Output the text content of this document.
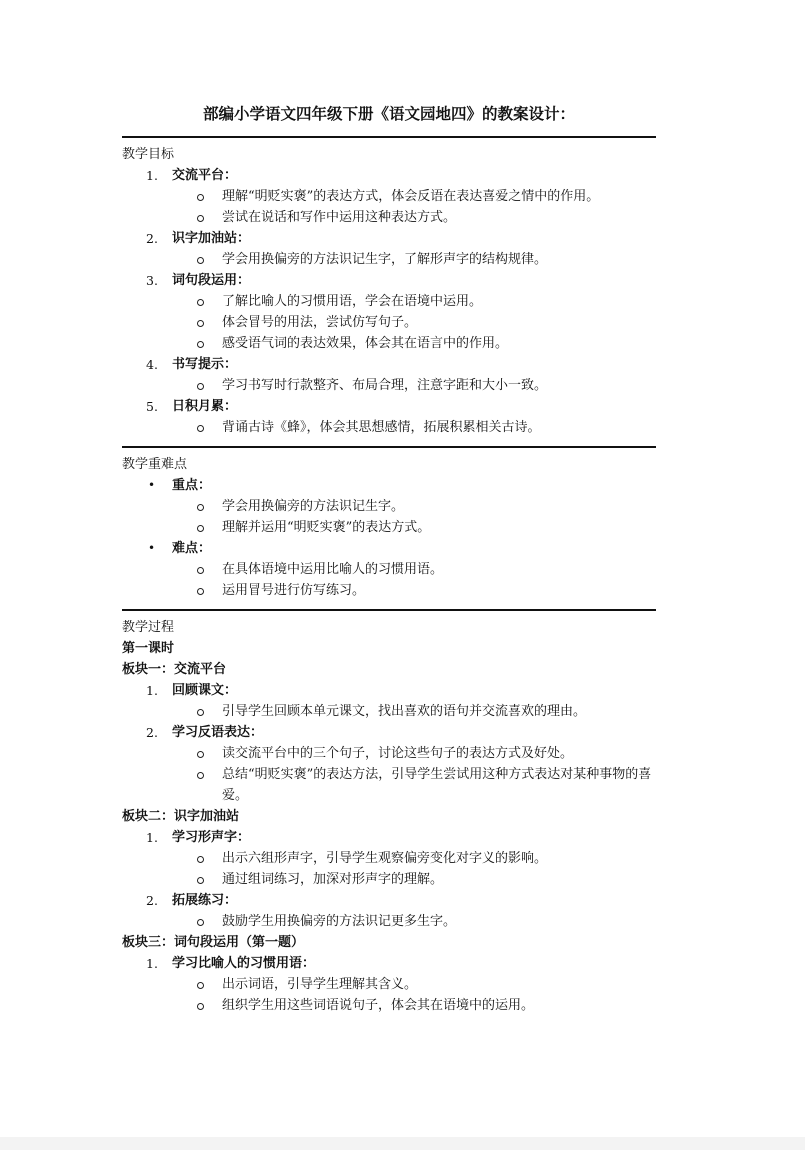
部编小学语文四年级下册《语文园地四》的教案设计：
教学目标
1. 交流平台：
理解“明贬实褒”的表达方式，体会反语在表达喜爱之情中的作用。
尝试在说话和写作中运用这种表达方式。
2. 识字加油站：
学会用换偏旁的方法识记生字，了解形声字的结构规律。
3. 词句段运用：
了解比喻人的习惯用语，学会在语境中运用。
体会冒号的用法，尝试仿写句子。
感受语气词的表达效果，体会其在语言中的作用。
4. 书写提示：
学习书写时行款整齐、布局合理，注意字距和大小一致。
5. 日积月累：
背诵古诗《蜂》，体会其思想感情，拓展积累相关古诗。
教学重难点
• 重点：
学会用换偏旁的方法识记生字。
理解并运用“明贬实褒”的表达方式。
• 难点：
在具体语境中运用比喻人的习惯用语。
运用冒号进行仿写练习。
教学过程
第一课时
板块一：交流平台
1. 回顾课文：
引导学生回顾本单元课文，找出喜欢的语句并交流喜欢的理由。
2. 学习反语表达：
读交流平台中的三个句子，讨论这些句子的表达方式及好处。
总结“明贬实褒”的表达方法，引导学生尝试用这种方式表达对某种事物的喜爱。
板块二：识字加油站
1. 学习形声字：
出示六组形声字，引导学生观察偏旁变化对字义的影响。
通过组词练习，加深对形声字的理解。
2. 拓展练习：
鼓励学生用换偏旁的方法识记更多生字。
板块三：词句段运用（第一题）
1. 学习比喻人的习惯用语：
出示词语，引导学生理解其含义。
组织学生用这些词语说句子，体会其在语境中的运用。
